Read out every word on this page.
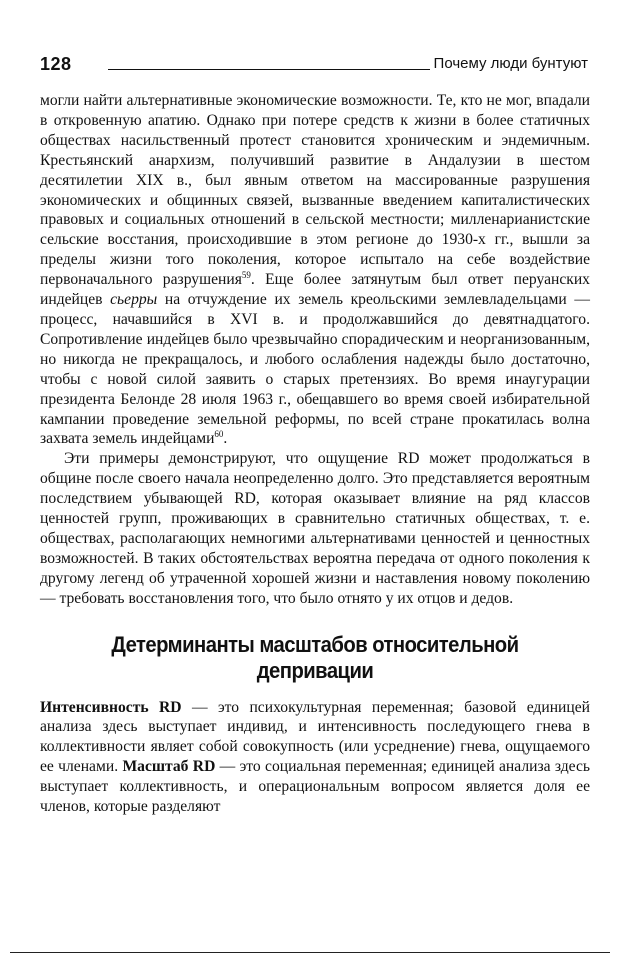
128	Почему люди бунтуют

могли найти альтернативные экономические возможности. Те, кто не мог, впадали в откровенную апатию. Однако при потере средств к жизни в более статичных обществах насильственный протест становится хроническим и эндемичным. Крестьянский анархизм, получивший развитие в Андалузии в шестом десятилетии XIX в., был явным ответом на массированные разрушения экономических и общинных связей, вызванные введением капиталистических правовых и социальных отношений в сельской местности; милленарианистские сельские восстания, происходившие в этом регионе до 1930-х гг., вышли за пределы жизни того поколения, которое испытало на себе воздействие первоначального разрушения$^{59}$. Еще более затянутым был ответ перуанских индейцев сьерры на отчуждение их земель креольскими землевладельцами — процесс, начавшийся в XVI в. и продолжавшийся до девятнадцатого. Сопротивление индейцев было чрезвычайно спорадическим и неорганизованным, но никогда не прекращалось, и любого ослабления надежды было достаточно, чтобы с новой силой заявить о старых претензиях. Во время инаугурации президента Белонде 28 июля 1963 г., обещавшего во время своей избирательной кампании проведение земельной реформы, по всей стране прокатилась волна захвата земель индейцами$^{60}$.

Эти примеры демонстрируют, что ощущение RD может продолжаться в общине после своего начала неопределенно долго. Это представляется вероятным последствием убывающей RD, которая оказывает влияние на ряд классов ценностей групп, проживающих в сравнительно статичных обществах, т. е. обществах, располагающих немногими альтернативами ценностей и ценностных возможностей. В таких обстоятельствах вероятна передача от одного поколения к другому легенд об утраченной хорошей жизни и наставления новому поколению — требовать восстановления того, что было отнято у их отцов и дедов.

Детерминанты масштабов относительной
депривации

Интенсивность RD — это психокультурная переменная; базовой единицей анализа здесь выступает индивид, и интенсивность последующего гнева в коллективности являет собой совокупность (или усреднение) гнева, ощущаемого ее членами. Масштаб RD — это социальная переменная; единицей анализа здесь выступает коллективность, и операциональным вопросом является доля ее членов, которые разделяют
